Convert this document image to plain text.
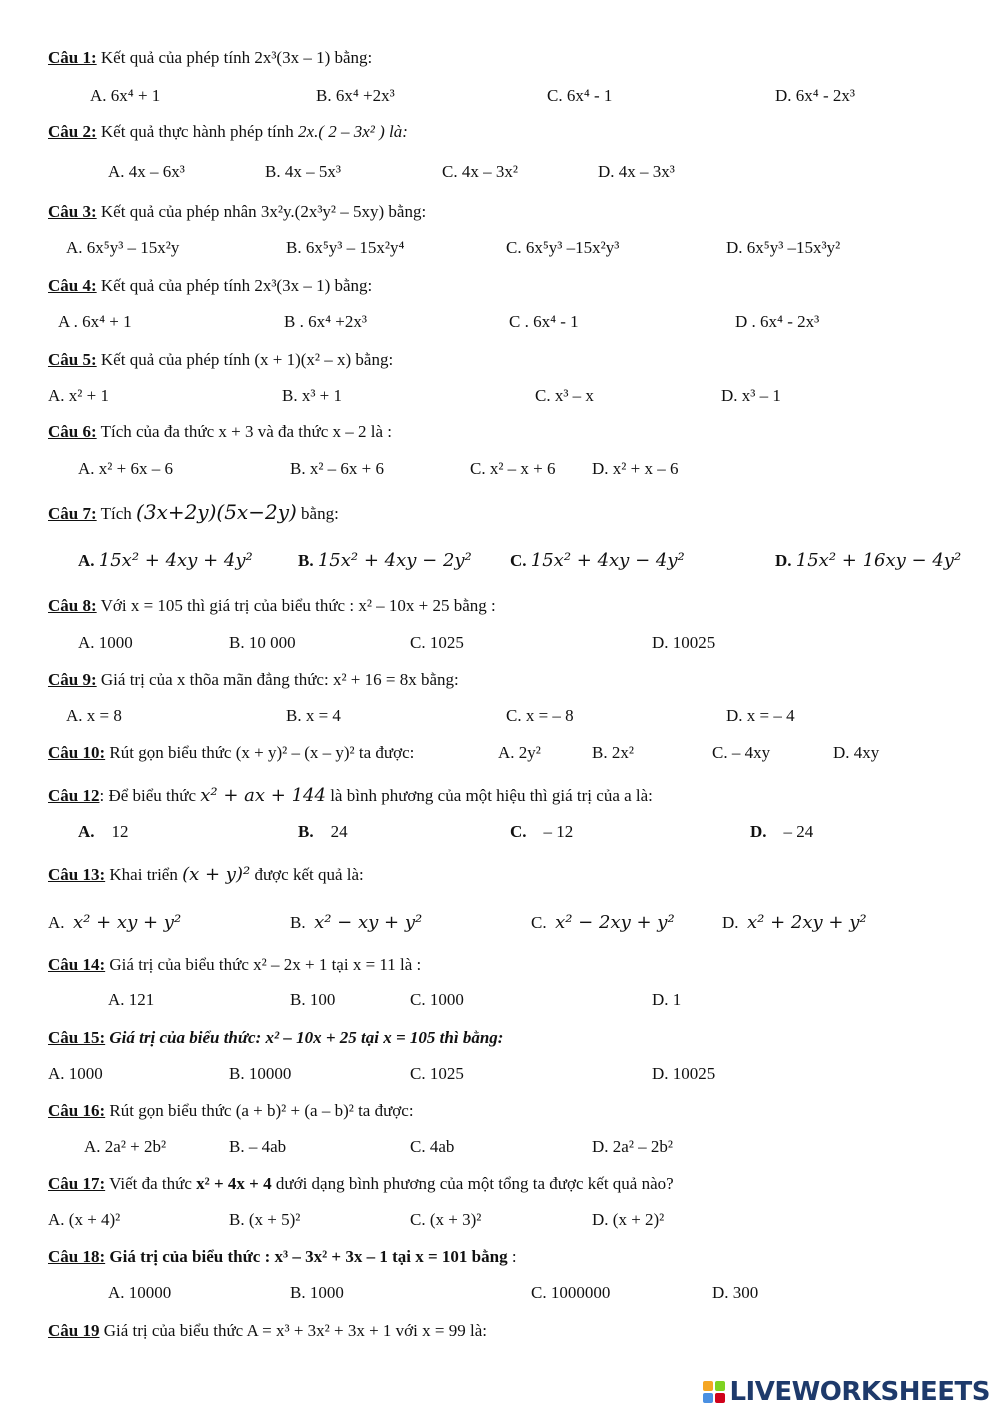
Câu 1: Kết quả của phép tính 2x³(3x – 1) bằng:
A. 6x⁴ + 1	B. 6x⁴ +2x³	C. 6x⁴ - 1	D. 6x⁴ - 2x³
Câu 2: Kết quả thực hành phép tính 2x.( 2 – 3x² ) là:
A. 4x – 6x³	B. 4x – 5x³	C. 4x – 3x²	D. 4x – 3x³
Câu 3: Kết quả của phép nhân 3x²y.(2x³y² – 5xy) bằng:
A. 6x⁵y³ – 15x²y	B. 6x⁵y³ – 15x²y⁴	C. 6x⁵y³ –15x²y³	D. 6x⁵y³ –15x³y²
Câu 4: Kết quả của phép tính 2x³(3x – 1) bằng:
A . 6x⁴ + 1	B . 6x⁴ +2x³	C . 6x⁴ - 1	D . 6x⁴ - 2x³
Câu 5: Kết quả của phép tính (x + 1)(x² – x) bằng:
A. x² + 1	B. x³ + 1	C. x³ – x	D. x³ – 1
Câu 6: Tích của đa thức x + 3 và đa thức x – 2 là :
A. x² + 6x – 6	B. x² – 6x + 6	C. x² – x + 6 D. x² + x – 6
Câu 7: Tích (3x+2y)(5x−2y) bằng:
A. 15x² + 4xy + 4y²	B. 15x² + 4xy − 2y² C. 15x² + 4xy − 4y²	D. 15x² + 16xy − 4y²
Câu 8: Với x = 105 thì giá trị của biểu thức : x² – 10x + 25 bằng :
A. 1000	B. 10 000	C. 1025	D. 10025
Câu 9: Giá trị của x thõa mãn đẳng thức: x² + 16 = 8x bằng:
A. x = 8	B. x = 4	C. x = – 8	D. x = – 4
Câu 10: Rút gọn biểu thức (x + y)² – (x – y)² ta được:	A. 2y²	B. 2x²	C. – 4xy	D. 4xy
Câu 12: Để biểu thức x² + ax + 144 là bình phương của một hiệu thì giá trị của a là:
A. 12	B. 24	C. – 12	D. – 24
Câu 13: Khai triển (x + y)² được kết quả là:
A. x² + xy + y²	B. x² − xy + y²	C. x² − 2xy + y²	D. x² + 2xy + y²
Câu 14: Giá trị của biểu thức x² – 2x + 1 tại x = 11 là :
A. 121	B. 100	C. 1000	D. 1
Câu 15: Giá trị của biểu thức: x² – 10x + 25 tại x = 105 thì bằng:
A. 1000	B. 10000	C. 1025	D. 10025
Câu 16: Rút gọn biểu thức (a + b)² + (a – b)² ta được:
A. 2a² + 2b²	B. – 4ab	C. 4ab	D. 2a² – 2b²
Câu 17: Viết đa thức x² + 4x + 4 dưới dạng bình phương của một tổng ta được kết quả nào?
A. (x + 4)²	B. (x + 5)²	C. (x + 3)²	D. (x + 2)²
Câu 18: Giá trị của biểu thức : x³ – 3x² + 3x – 1 tại x = 101 bằng :
A. 10000	B. 1000	C. 1000000	D. 300
Câu 19 Giá trị của biểu thức A = x³ + 3x² + 3x + 1 với x = 99 là:
LIVEWORKSHEETS
